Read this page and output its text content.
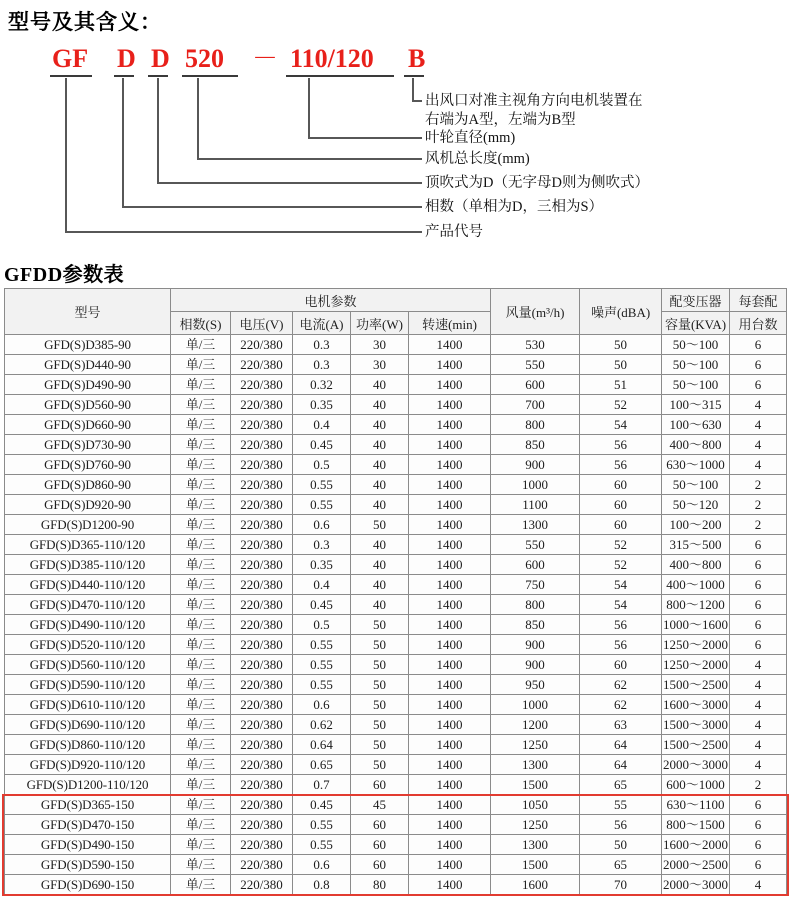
型号及其含义：
GF D D 520 － 110/120 B
出风口对准主视角方向电机装置在
右端为A型，左端为B型
叶轮直径(mm)
风机总长度(mm)
顶吹式为D（无字母D则为侧吹式）
相数（单相为D，三相为S）
产品代号
GFDD参数表
型号	电机参数					风量(m³/h)	噪声(dBA)	配变压器	每套配
	相数(S)	电压(V)	电流(A)	功率(W)	转速(min)			容量(KVA)	用台数
GFD(S)D385-90	单/三	220/380	0.3	30	1400	530	50	50～100	6
GFD(S)D440-90	单/三	220/380	0.3	30	1400	550	50	50～100	6
GFD(S)D490-90	单/三	220/380	0.32	40	1400	600	51	50～100	6
GFD(S)D560-90	单/三	220/380	0.35	40	1400	700	52	100～315	4
GFD(S)D660-90	单/三	220/380	0.4	40	1400	800	54	100～630	4
GFD(S)D730-90	单/三	220/380	0.45	40	1400	850	56	400～800	4
GFD(S)D760-90	单/三	220/380	0.5	40	1400	900	56	630～1000	4
GFD(S)D860-90	单/三	220/380	0.55	40	1400	1000	60	50～100	2
GFD(S)D920-90	单/三	220/380	0.55	40	1400	1100	60	50～120	2
GFD(S)D1200-90	单/三	220/380	0.6	50	1400	1300	60	100～200	2
GFD(S)D365-110/120	单/三	220/380	0.3	40	1400	550	52	315～500	6
GFD(S)D385-110/120	单/三	220/380	0.35	40	1400	600	52	400～800	6
GFD(S)D440-110/120	单/三	220/380	0.4	40	1400	750	54	400～1000	6
GFD(S)D470-110/120	单/三	220/380	0.45	40	1400	800	54	800～1200	6
GFD(S)D490-110/120	单/三	220/380	0.5	50	1400	850	56	1000～1600	6
GFD(S)D520-110/120	单/三	220/380	0.55	50	1400	900	56	1250～2000	6
GFD(S)D560-110/120	单/三	220/380	0.55	50	1400	900	60	1250～2000	4
GFD(S)D590-110/120	单/三	220/380	0.55	50	1400	950	62	1500～2500	4
GFD(S)D610-110/120	单/三	220/380	0.6	50	1400	1000	62	1600～3000	4
GFD(S)D690-110/120	单/三	220/380	0.62	50	1400	1200	63	1500～3000	4
GFD(S)D860-110/120	单/三	220/380	0.64	50	1400	1250	64	1500～2500	4
GFD(S)D920-110/120	单/三	220/380	0.65	50	1400	1300	64	2000～3000	4
GFD(S)D1200-110/120	单/三	220/380	0.7	60	1400	1500	65	600～1000	2
GFD(S)D365-150	单/三	220/380	0.45	45	1400	1050	55	630～1100	6
GFD(S)D470-150	单/三	220/380	0.55	60	1400	1250	56	800～1500	6
GFD(S)D490-150	单/三	220/380	0.55	60	1400	1300	50	1600～2000	6
GFD(S)D590-150	单/三	220/380	0.6	60	1400	1500	65	2000～2500	6
GFD(S)D690-150	单/三	220/380	0.8	80	1400	1600	70	2000～3000	4
